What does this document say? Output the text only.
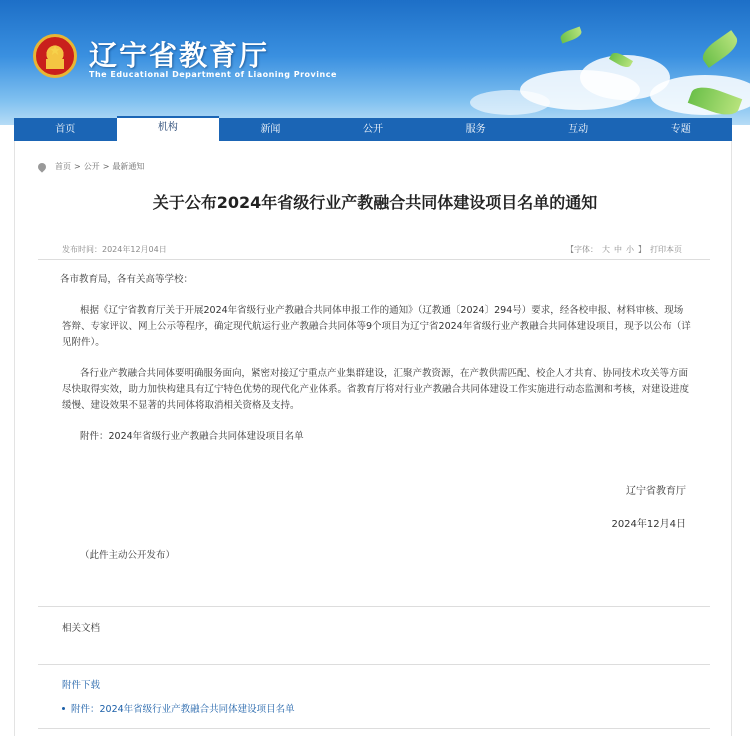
★ 辽宁省教育厅
The Educational Department of Liaoning Province
首页	机构	新闻	公开	服务	互动	专题
首页 > 公开 > 最新通知
关于公布2024年省级行业产教融合共同体建设项目名单的通知
发布时间：2024年12月04日	【字体： 大 中 小 】 打印本页
各市教育局，各有关高等学校：
根据《辽宁省教育厅关于开展2024年省级行业产教融合共同体申报工作的通知》（辽教通〔2024〕294号）要求，经各校申报、材料审核、现场答辩、专家评议、网上公示等程序，确定现代航运行业产教融合共同体等9个项目为辽宁省2024年省级行业产教融合共同体建设项目，现予以公布（详见附件）。
各行业产教融合共同体要明确服务面向，紧密对接辽宁重点产业集群建设，汇聚产教资源，在产教供需匹配、校企人才共育、协同技术攻关等方面尽快取得实效，助力加快构建具有辽宁特色优势的现代化产业体系。省教育厅将对行业产教融合共同体建设工作实施进行动态监测和考核，对建设进度缓慢、建设效果不显著的共同体将取消相关资格及支持。
附件：2024年省级行业产教融合共同体建设项目名单
辽宁省教育厅
2024年12月4日
（此件主动公开发布）
相关文档
附件下载
附件：2024年省级行业产教融合共同体建设项目名单
